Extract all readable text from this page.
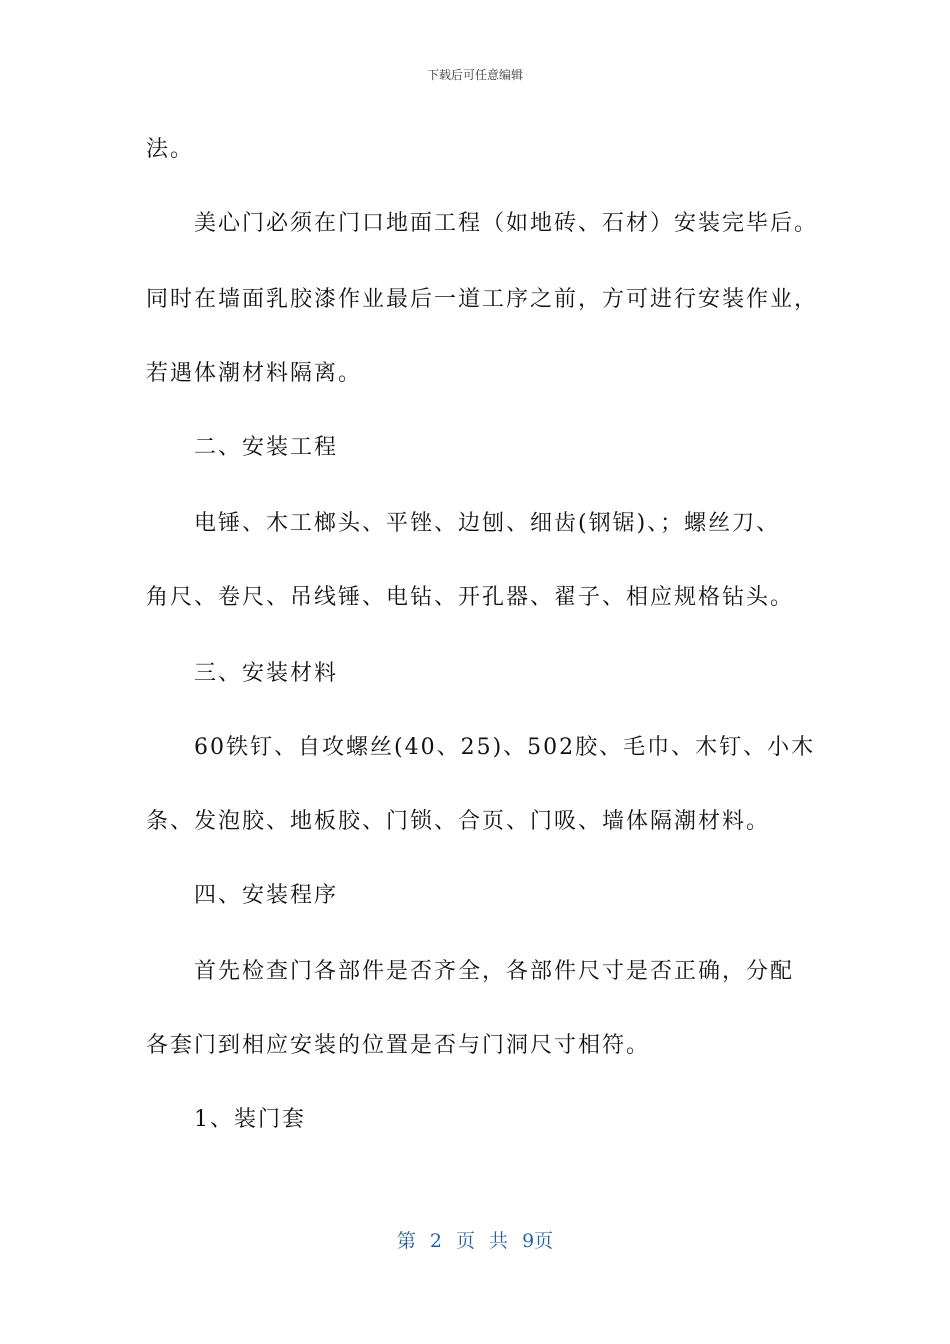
下载后可任意编辑
法。
美心门必须在门口地面工程（如地砖、石材）安装完毕后。
同时在墙面乳胶漆作业最后一道工序之前，方可进行安装作业，
若遇体潮材料隔离。
二、安装工程
电锤、木工榔头、平锉、边刨、细齿(钢锯)、；螺丝刀、
角尺、卷尺、吊线锤、电钻、开孔器、翟子、相应规格钻头。
三、安装材料
60铁钉、自攻螺丝(40、25)、502胶、毛巾、木钉、小木
条、发泡胶、地板胶、门锁、合页、门吸、墙体隔潮材料。
四、安装程序
首先检查门各部件是否齐全，各部件尺寸是否正确，分配
各套门到相应安装的位置是否与门洞尺寸相符。
1、装门套
第 2 页 共 9页
